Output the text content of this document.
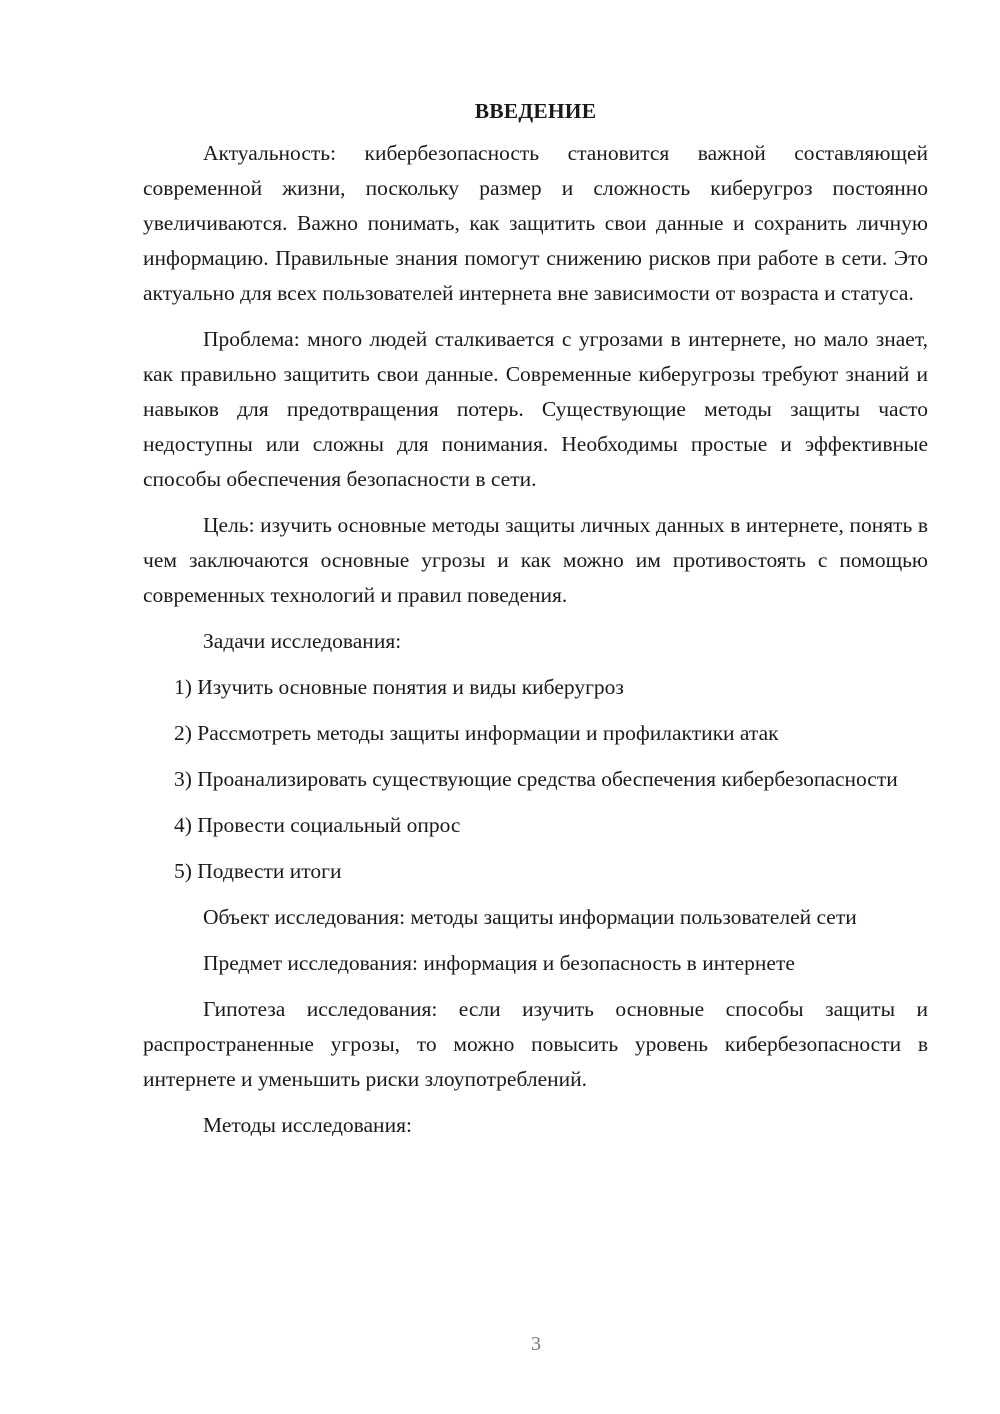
ВВЕДЕНИЕ

Актуальность: кибербезопасность становится важной составляющей современной жизни, поскольку размер и сложность киберугроз постоянно увеличиваются. Важно понимать, как защитить свои данные и сохранить личную информацию. Правильные знания помогут снижению рисков при работе в сети. Это актуально для всех пользователей интернета вне зависимости от возраста и статуса.

Проблема: много людей сталкивается с угрозами в интернете, но мало знает, как правильно защитить свои данные. Современные киберугрозы требуют знаний и навыков для предотвращения потерь. Существующие методы защиты часто недоступны или сложны для понимания. Необходимы простые и эффективные способы обеспечения безопасности в сети.

Цель: изучить основные методы защиты личных данных в интернете, понять в чем заключаются основные угрозы и как можно им противостоять с помощью современных технологий и правил поведения.

Задачи исследования:

1) Изучить основные понятия и виды киберугроз

2) Рассмотреть методы защиты информации и профилактики атак

3) Проанализировать существующие средства обеспечения кибербезопасности

4) Провести социальный опрос

5) Подвести итоги

Объект исследования: методы защиты информации пользователей сети

Предмет исследования: информация и безопасность в интернете

Гипотеза исследования: если изучить основные способы защиты и распространенные угрозы, то можно повысить уровень кибербезопасности в интернете и уменьшить риски злоупотреблений.

Методы исследования:

3
